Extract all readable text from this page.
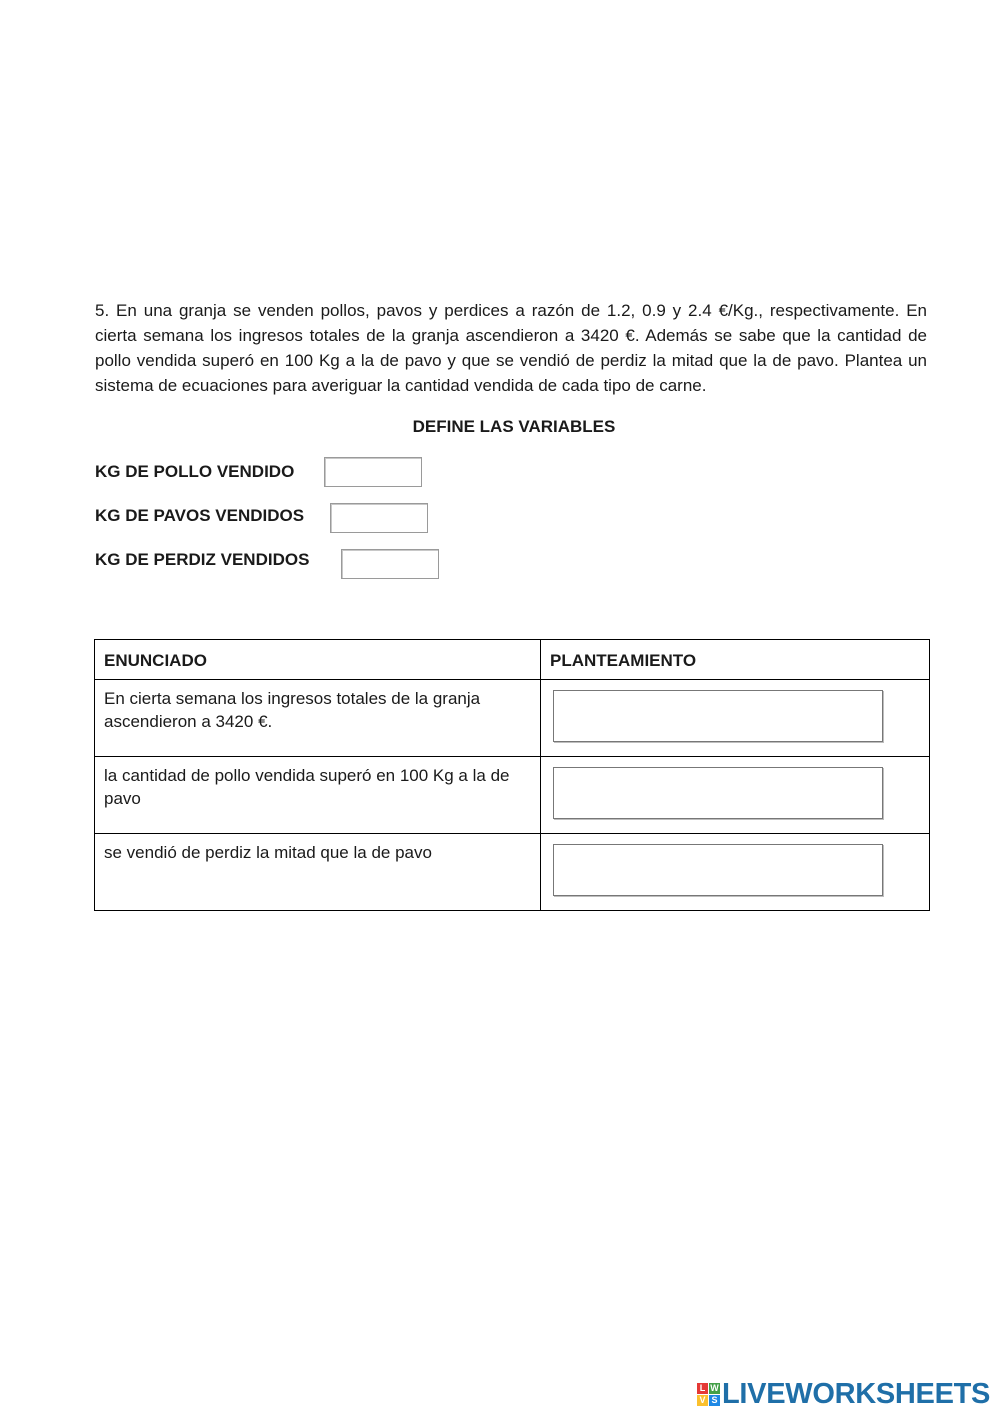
5. En una granja se venden pollos, pavos y perdices a razón de 1.2, 0.9 y 2.4 €/Kg., respectivamente. En cierta semana los ingresos totales de la granja ascendieron a 3420 €. Además se sabe que la cantidad de pollo vendida superó en 100 Kg a la de pavo y que se vendió de perdiz la mitad que la de pavo. Plantea un sistema de ecuaciones para averiguar la cantidad vendida de cada tipo de carne.

DEFINE LAS VARIABLES

KG DE POLLO VENDIDO

KG DE PAVOS VENDIDOS

KG DE PERDIZ VENDIDOS

ENUNCIADO	PLANTEAMIENTO
En cierta semana los ingresos totales de la granja ascendieron a 3420 €.	

la cantidad de pollo vendida superó en 100 Kg a la de pavo	

se vendió de perdiz la mitad que la de pavo	
L W
V S LIVEWORKSHEETS
